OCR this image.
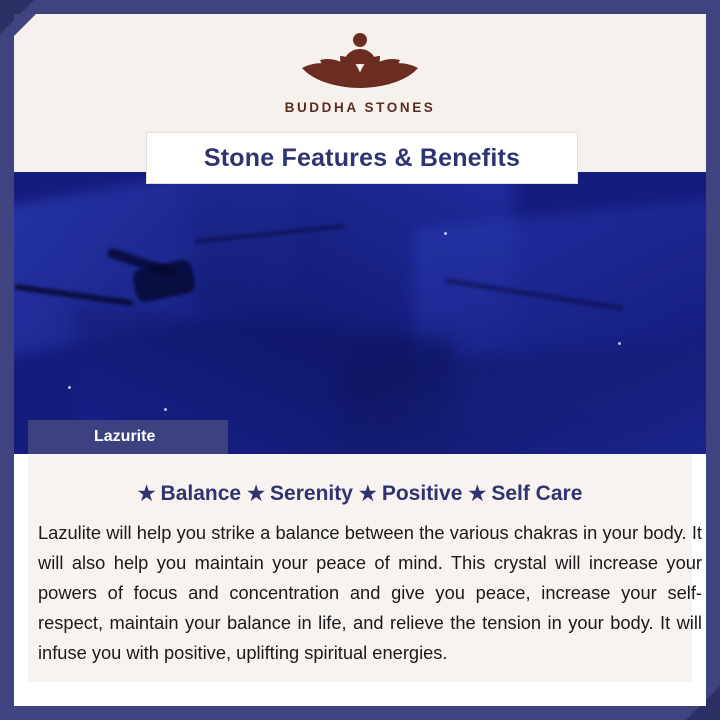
BUDDHA STONES
Lazurite
Stone Features & Benefits
★ Balance ★ Serenity ★ Positive ★ Self Care
Lazulite will help you strike a balance between the various chakras in your body. It will also help you maintain your peace of mind. This crystal will increase your powers of focus and concentration and give you peace, increase your self-respect, maintain your balance in life, and relieve the tension in your body. It will infuse you with positive, uplifting spiritual energies.
